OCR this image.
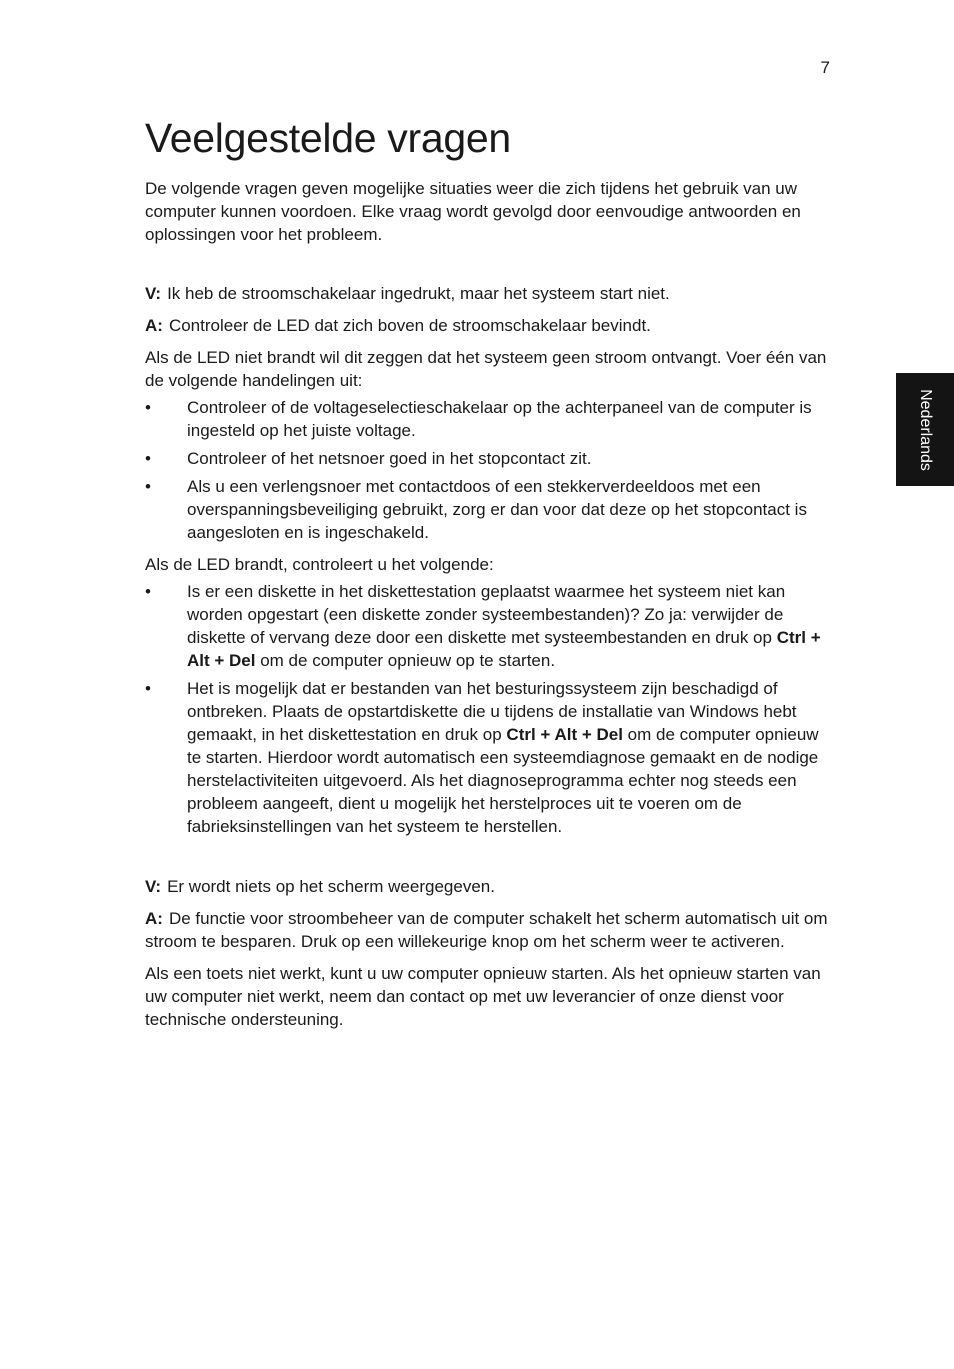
7
Nederlands
Veelgestelde vragen

De volgende vragen geven mogelijke situaties weer die zich tijdens het gebruik van uw computer kunnen voordoen. Elke vraag wordt gevolgd door eenvoudige antwoorden en oplossingen voor het probleem.

V: Ik heb de stroomschakelaar ingedrukt, maar het systeem start niet.

A: Controleer de LED dat zich boven de stroomschakelaar bevindt.

Als de LED niet brandt wil dit zeggen dat het systeem geen stroom ontvangt. Voer één van de volgende handelingen uit:

• Controleer of de voltageselectieschakelaar op the achterpaneel van de computer is ingesteld op het juiste voltage.
• Controleer of het netsnoer goed in het stopcontact zit.
• Als u een verlengsnoer met contactdoos of een stekkerverdeeldoos met een overspanningsbeveiliging gebruikt, zorg er dan voor dat deze op het stopcontact is aangesloten en is ingeschakeld.

Als de LED brandt, controleert u het volgende:

• Is er een diskette in het diskettestation geplaatst waarmee het systeem niet kan worden opgestart (een diskette zonder systeembestanden)? Zo ja: verwijder de diskette of vervang deze door een diskette met systeembestanden en druk op Ctrl + Alt + Del om de computer opnieuw op te starten.
• Het is mogelijk dat er bestanden van het besturingssysteem zijn beschadigd of ontbreken. Plaats de opstartdiskette die u tijdens de installatie van Windows hebt gemaakt, in het diskettestation en druk op Ctrl + Alt + Del om de computer opnieuw te starten. Hierdoor wordt automatisch een systeemdiagnose gemaakt en de nodige herstelactiviteiten uitgevoerd. Als het diagnoseprogramma echter nog steeds een probleem aangeeft, dient u mogelijk het herstelproces uit te voeren om de fabrieksinstellingen van het systeem te herstellen.

V: Er wordt niets op het scherm weergegeven.

A: De functie voor stroombeheer van de computer schakelt het scherm automatisch uit om stroom te besparen. Druk op een willekeurige knop om het scherm weer te activeren.

Als een toets niet werkt, kunt u uw computer opnieuw starten. Als het opnieuw starten van uw computer niet werkt, neem dan contact op met uw leverancier of onze dienst voor technische ondersteuning.
